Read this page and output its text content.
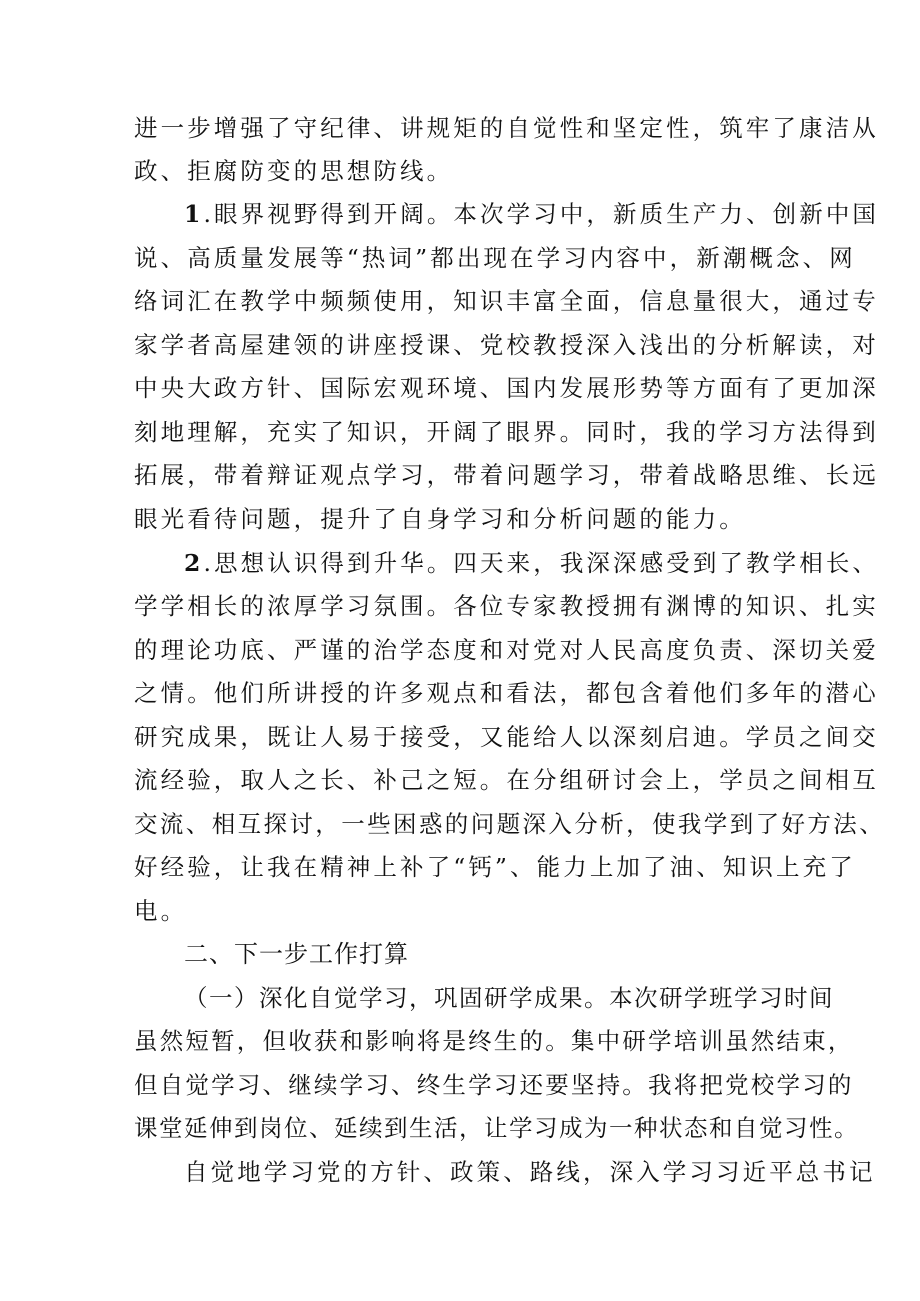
进一步增强了守纪律、讲规矩的自觉性和坚定性，筑牢了康洁从
政、拒腐防变的思想防线。
1.眼界视野得到开阔。本次学习中，新质生产力、创新中国
说、高质量发展等“热词”都出现在学习内容中，新潮概念、网
络词汇在教学中频频使用，知识丰富全面，信息量很大，通过专
家学者高屋建领的讲座授课、党校教授深入浅出的分析解读，对
中央大政方针、国际宏观环境、国内发展形势等方面有了更加深
刻地理解，充实了知识，开阔了眼界。同时，我的学习方法得到
拓展，带着辩证观点学习，带着问题学习，带着战略思维、长远
眼光看待问题，提升了自身学习和分析问题的能力。
2.思想认识得到升华。四天来，我深深感受到了教学相长、
学学相长的浓厚学习氛围。各位专家教授拥有渊博的知识、扎实
的理论功底、严谨的治学态度和对党对人民高度负责、深切关爱
之情。他们所讲授的许多观点和看法，都包含着他们多年的潜心
研究成果，既让人易于接受，又能给人以深刻启迪。学员之间交
流经验，取人之长、补己之短。在分组研讨会上，学员之间相互
交流、相互探讨，一些困惑的问题深入分析，使我学到了好方法、
好经验，让我在精神上补了“钙”、能力上加了油、知识上充了
电。
二、下一步工作打算
（一）深化自觉学习，巩固研学成果。本次研学班学习时间
虽然短暂，但收获和影响将是终生的。集中研学培训虽然结束，
但自觉学习、继续学习、终生学习还要坚持。我将把党校学习的
课堂延伸到岗位、延续到生活，让学习成为一种状态和自觉习性。
自觉地学习党的方针、政策、路线，深入学习习近平总书记
